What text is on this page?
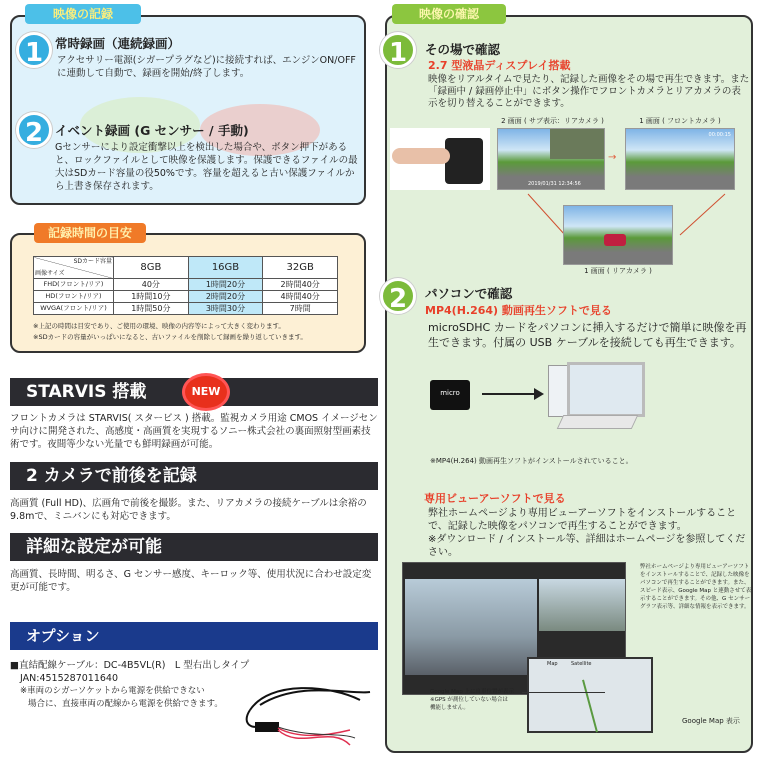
映像の記録
1 常時録画（連続録画）
アクセサリー電源(シガープラグなど)に接続すれば、エンジンON/OFFに連動して自動で、録画を開始/終了します。
2 イベント録画 (G センサー / 手動)
Gセンサーにより設定衝撃以上を検出した場合や、ボタン押下があると、ロックファイルとして映像を保護します。保護できるファイルの最大はSDカード容量の役50%です。容量を超えると古い保護ファイルから上書き保存されます。
記録時間の目安
SDカード容量
画像サイズ
	8GB	16GB	32GB
FHD(フロント/リア)	40分	1時間20分	2時間40分
HD(フロント/リア)	1時間10分	2時間20分	4時間40分
WVGA(フロント/リア)	1時間50分	3時間30分	7時間
※上記の時間は目安であり、ご使用の環境、映像の内容等によって大きく変わります。
※SDカードの容量がいっぱいになると、古いファイルを削除して録画を繰り返していきます。
STARVIS 搭載	NEW
フロントカメラは STARVIS( スタービス ) 搭載。監視カメラ用途 CMOS イメージセンサ向けに開発された、高感度・高画質を実現するソニー株式会社の裏面照射型画素技術です。夜間等少ない光量でも鮮明録画が可能。
2 カメラで前後を記録
高画質 (Full HD)、広画角で前後を撮影。また、リアカメラの接続ケーブルは余裕の 9.8mで、ミニバンにも対応できます。
詳細な設定が可能
高画質、長時間、明るさ、G センサー感度、キーロック等、使用状況に合わせ設定変更が可能です。
オプション
■直結配線ケーブル：DC-4B5VL(R)　L 型右出しタイプ
JAN:4515287011640
※車両のシガーソケットから電源を供給できない
場合に、直接車両の配線から電源を供給できます。
映像の確認
1	その場で確認
2.7 型液晶ディスプレイ搭載
映像をリアルタイムで見たり、記録した画像をその場で再生できます。また「録画中 / 録画停止中」にボタン操作でフロントカメラとリアカメラの表示を切り替えることができます。
2 画面 ( サブ表示：リアカメラ )
2019/01/31 12:34:56
→
1 画面 ( フロントカメラ )
00:00:15
1 画面 ( リアカメラ )
2	パソコンで確認
MP4(H.264) 動画再生ソフトで見る
microSDHC カードをパソコンに挿入するだけで簡単に映像を再生できます。付属の USB ケーブルを接続しても再生できます。
micro
※MP4(H.264) 動画再生ソフトがインストールされていること。
専用ビューアーソフトで見る
弊社ホームページより専用ビューアーソフトをインストールすることで、記録した映像をパソコンで再生することができます。
※ダウンロード / インストール等、詳細はホームページを参照してください。
弊社ホームページより専用ビューアーソフトをインストールすることで、記録した映像をパソコンで再生することができます。また、スピード表示、Google Map と連動させて表示することができます。その他、G センサーグラフ表示等、詳細な情報を表示できます。
Map	Satellite
Google Map 上に自車位置が表示
※GPS が測位していない場合は機能しません。
Google Map 表示
